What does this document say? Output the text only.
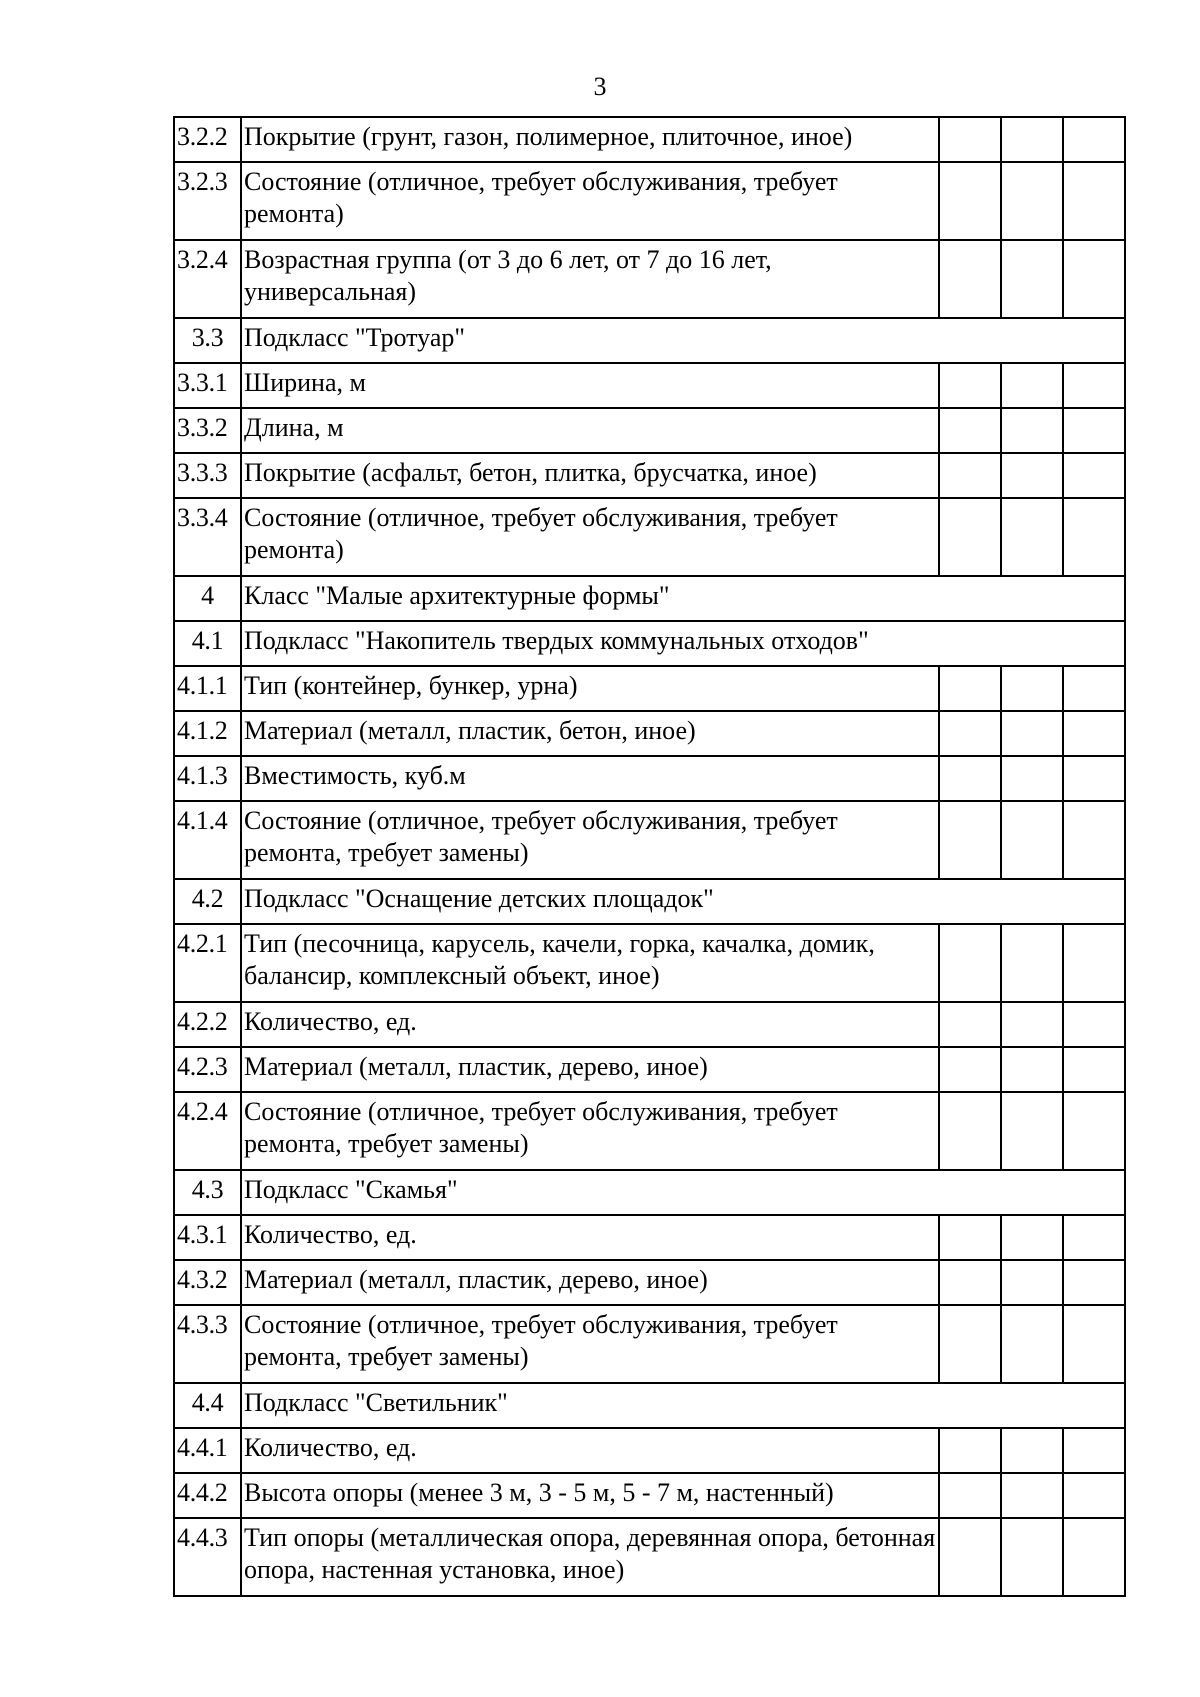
3
3.2.2	Покрытие (грунт, газон, полимерное, плиточное, иное)			
3.2.3	Состояние (отличное, требует обслуживания, требует ремонта)			
3.2.4	Возрастная группа (от 3 до 6 лет, от 7 до 16 лет, универсальная)			
3.3	Подкласс "Тротуар"			
3.3.1	Ширина, м			
3.3.2	Длина, м			
3.3.3	Покрытие (асфальт, бетон, плитка, брусчатка, иное)			
3.3.4	Состояние (отличное, требует обслуживания, требует ремонта)			
4	Класс "Малые архитектурные формы"			
4.1	Подкласс "Накопитель твердых коммунальных отходов"			
4.1.1	Тип (контейнер, бункер, урна)			
4.1.2	Материал (металл, пластик, бетон, иное)			
4.1.3	Вместимость, куб.м			
4.1.4	Состояние (отличное, требует обслуживания, требует ремонта, требует замены)			
4.2	Подкласс "Оснащение детских площадок"			
4.2.1	Тип (песочница, карусель, качели, горка, качалка, домик, балансир, комплексный объект, иное)			
4.2.2	Количество, ед.			
4.2.3	Материал (металл, пластик, дерево, иное)			
4.2.4	Состояние (отличное, требует обслуживания, требует ремонта, требует замены)			
4.3	Подкласс "Скамья"			
4.3.1	Количество, ед.			
4.3.2	Материал (металл, пластик, дерево, иное)			
4.3.3	Состояние (отличное, требует обслуживания, требует ремонта, требует замены)			
4.4	Подкласс "Светильник"			
4.4.1	Количество, ед.			
4.4.2	Высота опоры (менее 3 м, 3 - 5 м, 5 - 7 м, настенный)			
4.4.3	Тип опоры (металлическая опора, деревянная опора, бетонная опора, настенная установка, иное)			
